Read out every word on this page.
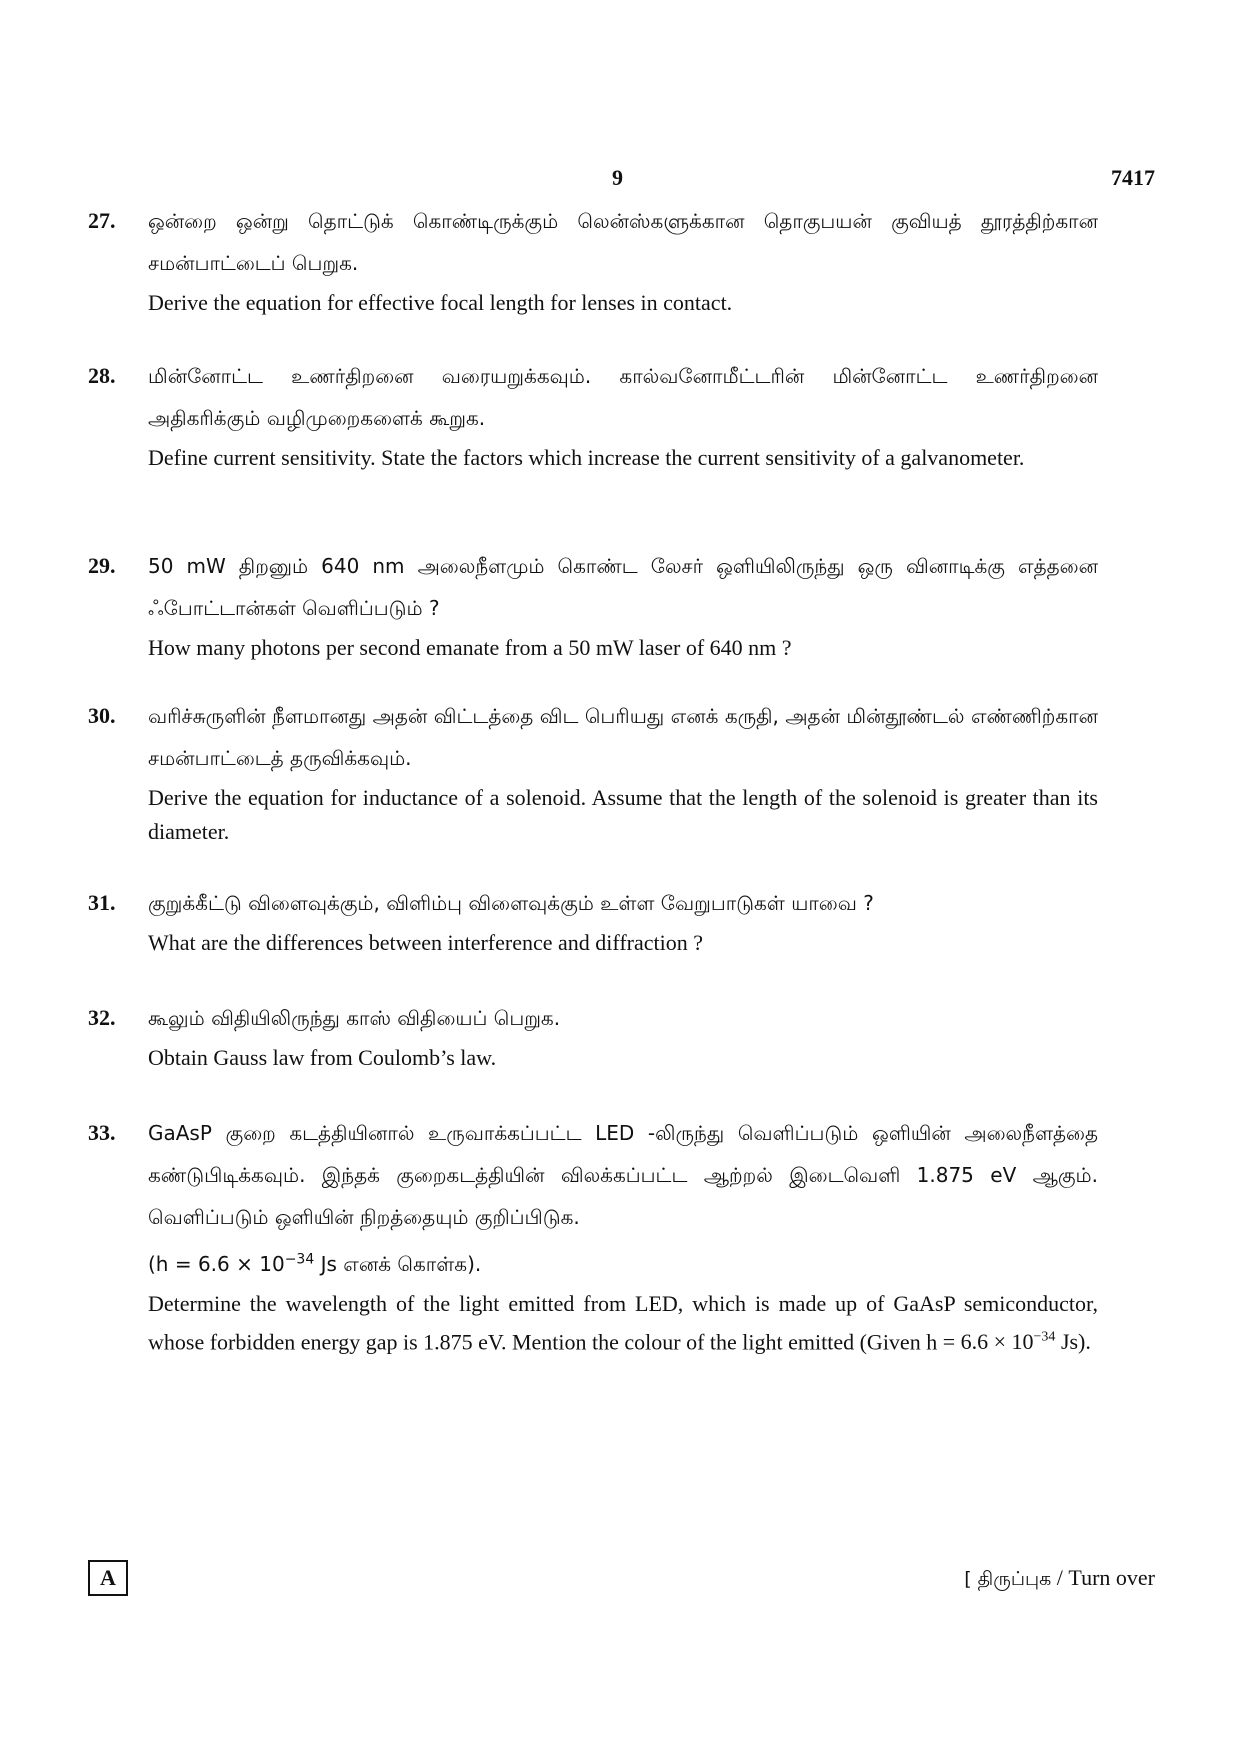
9	7417
27. ஒன்றை ஒன்று தொட்டுக் கொண்டிருக்கும் லென்ஸ்களுக்கான தொகுபயன் குவியத் தூரத்திற்கான சமன்பாட்டைப் பெறுக.
Derive the equation for effective focal length for lenses in contact.
28. மின்னோட்ட உணர்திறனை வரையறுக்கவும். கால்வனோமீட்டரின் மின்னோட்ட உணர்திறனை அதிகரிக்கும் வழிமுறைகளைக் கூறுக.
Define current sensitivity. State the factors which increase the current sensitivity of a galvanometer.
29. 50 mW திறனும் 640 nm அலைநீளமும் கொண்ட லேசர் ஒளியிலிருந்து ஒரு வினாடிக்கு எத்தனை ஃபோட்டான்கள் வெளிப்படும் ?
How many photons per second emanate from a 50 mW laser of 640 nm ?
30. வரிச்சுருளின் நீளமானது அதன் விட்டத்தை விட பெரியது எனக் கருதி, அதன் மின்தூண்டல் எண்ணிற்கான சமன்பாட்டைத் தருவிக்கவும்.
Derive the equation for inductance of a solenoid. Assume that the length of the solenoid is greater than its diameter.
31. குறுக்கீட்டு விளைவுக்கும், விளிம்பு விளைவுக்கும் உள்ள வேறுபாடுகள் யாவை ?
What are the differences between interference and diffraction ?
32. கூலும் விதியிலிருந்து காஸ் விதியைப் பெறுக.
Obtain Gauss law from Coulomb’s law.
33. GaAsP குறை கடத்தியினால் உருவாக்கப்பட்ட LED -லிருந்து வெளிப்படும் ஒளியின் அலைநீளத்தை கண்டுபிடிக்கவும். இந்தக் குறைகடத்தியின் விலக்கப்பட்ட ஆற்றல் இடைவெளி 1.875 eV ஆகும். வெளிப்படும் ஒளியின் நிறத்தையும் குறிப்பிடுக.
($h = 6.6 \times 10^{-34}$ Js எனக் கொள்க).
Determine the wavelength of the light emitted from LED, which is made up of GaAsP semiconductor, whose forbidden energy gap is 1.875 eV. Mention the colour of the light emitted (Given $h = 6.6 \times 10^{-34}$ Js).
A	[ திருப்புக / Turn over
